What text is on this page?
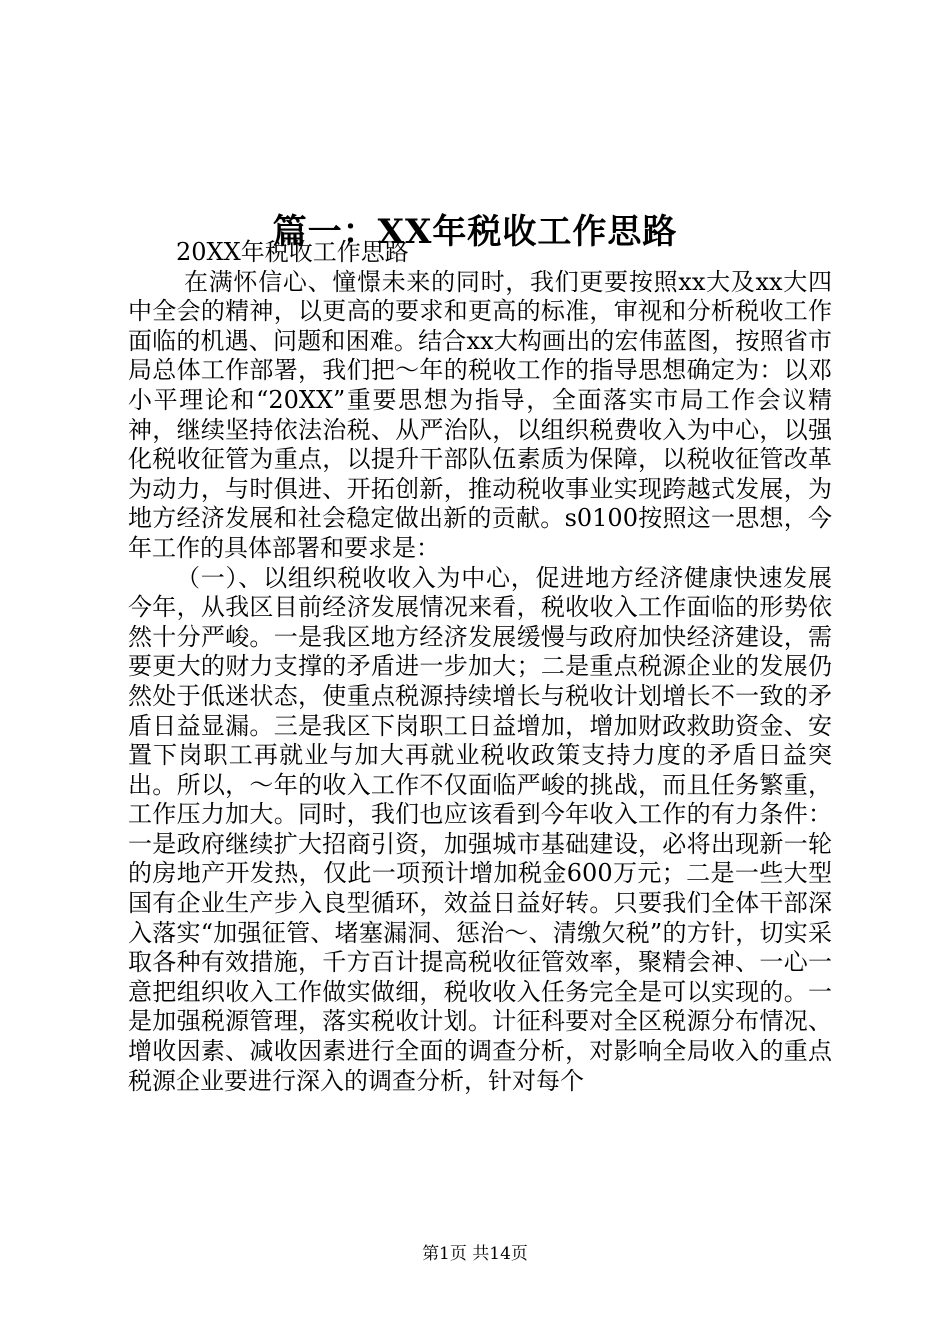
篇一：XX年税收工作思路

20XX年税收工作思路

在满怀信心、憧憬未来的同时，我们更要按照xx大及xx大四中全会的精神，以更高的要求和更高的标准，审视和分析税收工作面临的机遇、问题和困难。结合xx大构画出的宏伟蓝图，按照省市局总体工作部署，我们把～年的税收工作的指导思想确定为：以邓小平理论和“20XX”重要思想为指导，全面落实市局工作会议精神，继续坚持依法治税、从严治队，以组织税费收入为中心，以强化税收征管为重点，以提升干部队伍素质为保障，以税收征管改革为动力，与时俱进、开拓创新，推动税收事业实现跨越式发展，为地方经济发展和社会稳定做出新的贡献。s0100按照这一思想，今年工作的具体部署和要求是：

（一）、以组织税收收入为中心，促进地方经济健康快速发展今年，从我区目前经济发展情况来看，税收收入工作面临的形势依然十分严峻。一是我区地方经济发展缓慢与政府加快经济建设，需要更大的财力支撑的矛盾进一步加大；二是重点税源企业的发展仍然处于低迷状态，使重点税源持续增长与税收计划增长不一致的矛盾日益显漏。三是我区下岗职工日益增加，增加财政救助资金、安置下岗职工再就业与加大再就业税收政策支持力度的矛盾日益突出。所以，～年的收入工作不仅面临严峻的挑战，而且任务繁重，工作压力加大。同时，我们也应该看到今年收入工作的有力条件：一是政府继续扩大招商引资，加强城市基础建设，必将出现新一轮的房地产开发热，仅此一项预计增加税金600万元；二是一些大型国有企业生产步入良型循环，效益日益好转。只要我们全体干部深入落实“加强征管、堵塞漏洞、惩治～、清缴欠税”的方针，切实采取各种有效措施，千方百计提高税收征管效率，聚精会神、一心一意把组织收入工作做实做细，税收收入任务完全是可以实现的。一是加强税源管理，落实税收计划。计征科要对全区税源分布情况、增收因素、减收因素进行全面的调查分析，对影响全局收入的重点税源企业要进行深入的调查分析，针对每个

第1页 共14页
